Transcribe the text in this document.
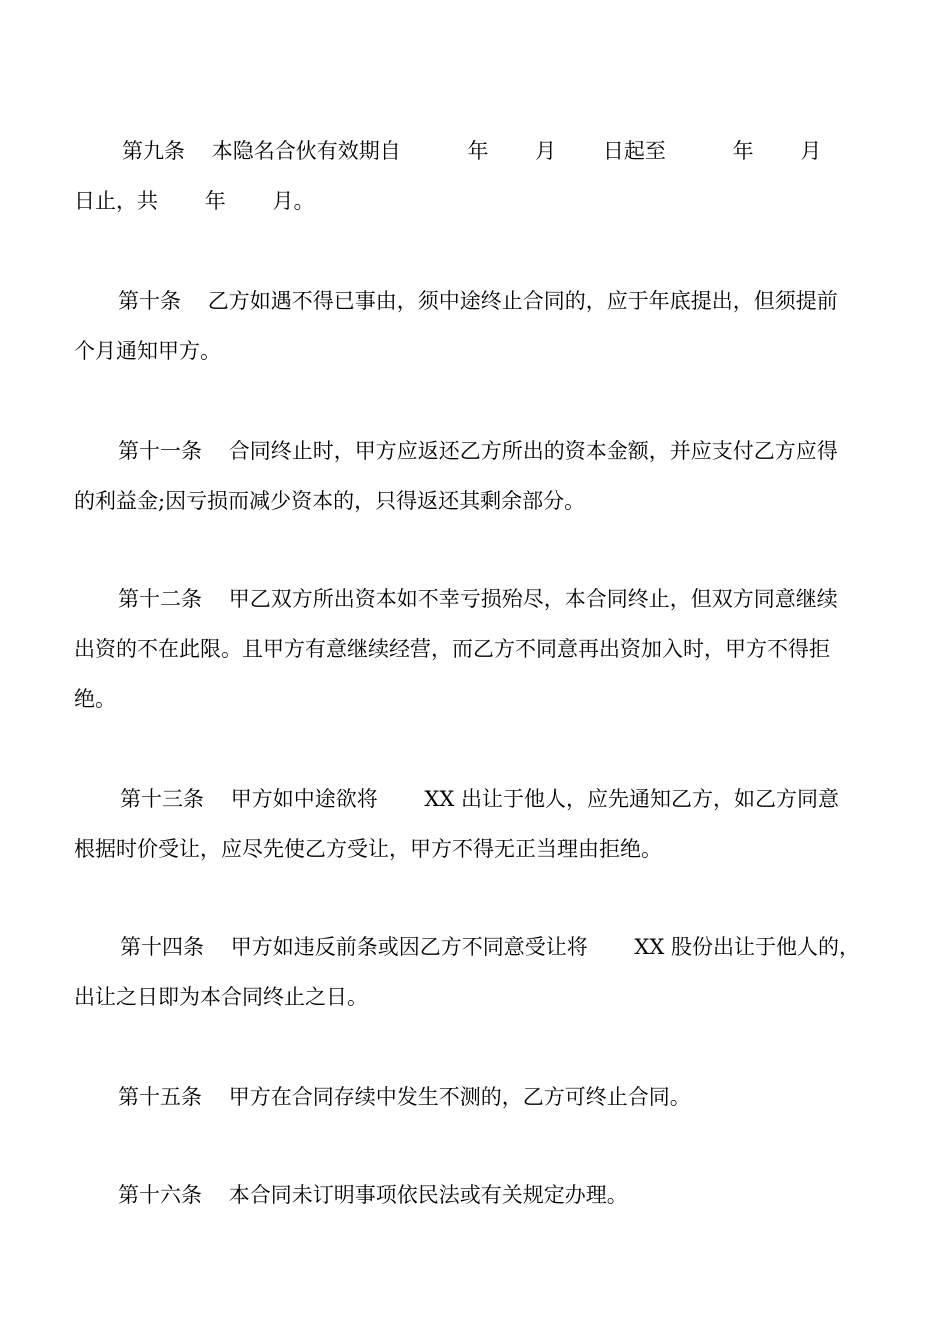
第九条    本隐名合伙有效期自          年       月       日起至          年       月
日止，共       年       月。
第十条    乙方如遇不得已事由，须中途终止合同的，应于年底提出，但须提前
个月通知甲方。
第十一条    合同终止时，甲方应返还乙方所出的资本金额，并应支付乙方应得
的利益金;因亏损而减少资本的，只得返还其剩余部分。
第十二条    甲乙双方所出资本如不幸亏损殆尽，本合同终止，但双方同意继续
出资的不在此限。且甲方有意继续经营，而乙方不同意再出资加入时，甲方不得拒
绝。
第十三条    甲方如中途欲将       XX 出让于他人，应先通知乙方，如乙方同意
根据时价受让，应尽先使乙方受让，甲方不得无正当理由拒绝。
第十四条    甲方如违反前条或因乙方不同意受让将       XX 股份出让于他人的，
出让之日即为本合同终止之日。
第十五条    甲方在合同存续中发生不测的，乙方可终止合同。
第十六条    本合同未订明事项依民法或有关规定办理。
